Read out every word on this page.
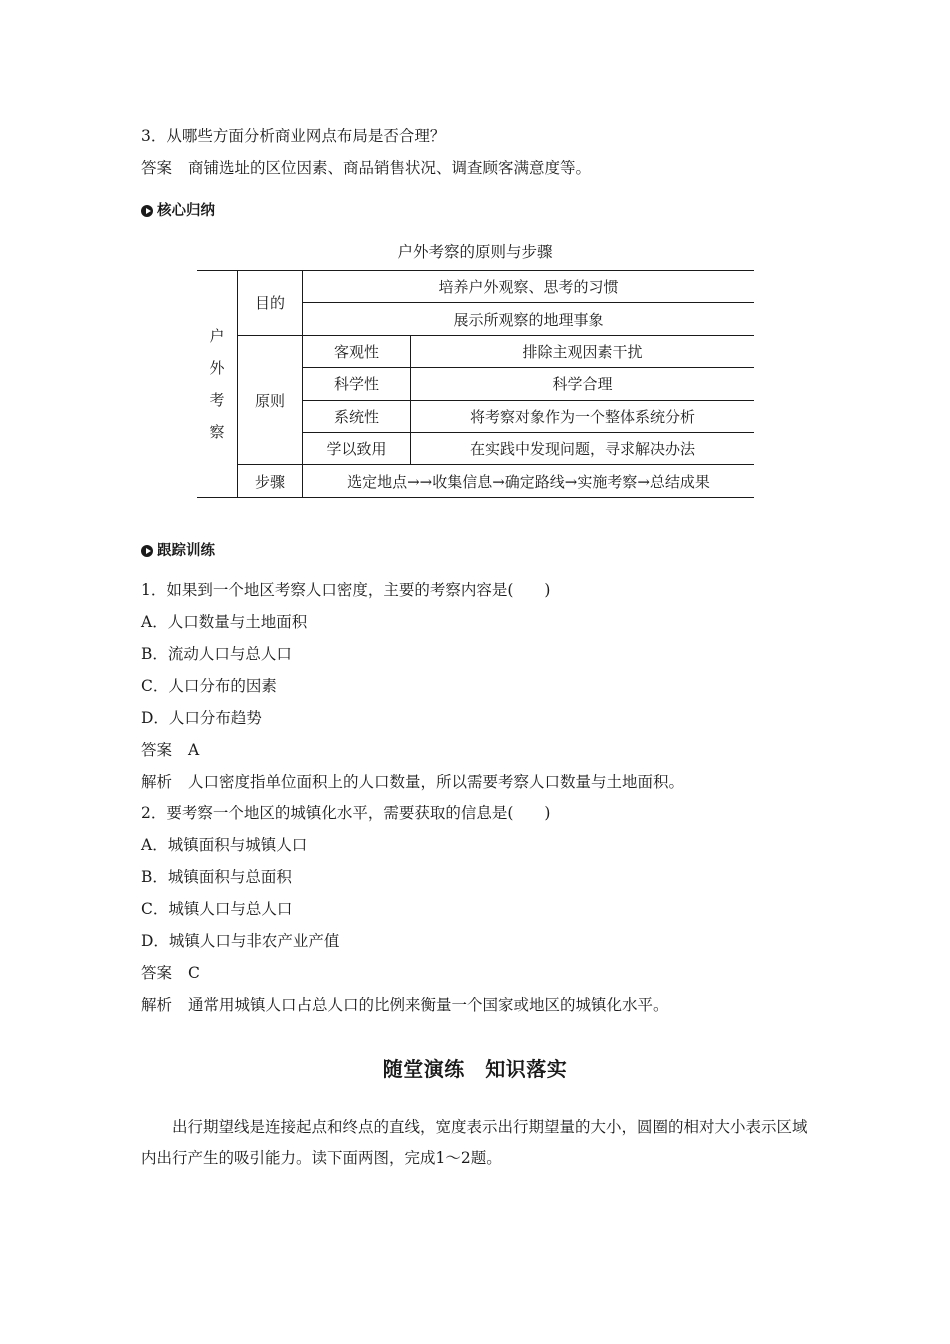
3．从哪些方面分析商业网点布局是否合理？
答案 商铺选址的区位因素、商品销售状况、调查顾客满意度等。
核心归纳
户外考察的原则与步骤
户外考察	目的	培养户外观察、思考的习惯	
		展示所观察的地理事象	
	原则	客观性	排除主观因素干扰
		科学性	科学合理
		系统性	将考察对象作为一个整体系统分析
		学以致用	在实践中发现问题，寻求解决办法
	步骤	选定地点→→收集信息→确定路线→实施考察→总结成果	
跟踪训练
1．如果到一个地区考察人口密度，主要的考察内容是(　　)
A．人口数量与土地面积
B．流动人口与总人口
C．人口分布的因素
D．人口分布趋势
答案 A
解析 人口密度指单位面积上的人口数量，所以需要考察人口数量与土地面积。
2．要考察一个地区的城镇化水平，需要获取的信息是(　　)
A．城镇面积与城镇人口
B．城镇面积与总面积
C．城镇人口与总人口
D．城镇人口与非农产业产值
答案 C
解析 通常用城镇人口占总人口的比例来衡量一个国家或地区的城镇化水平。
随堂演练　知识落实
出行期望线是连接起点和终点的直线，宽度表示出行期望量的大小，圆圈的相对大小表示区域内出行产生的吸引能力。读下面两图，完成1～2题。
